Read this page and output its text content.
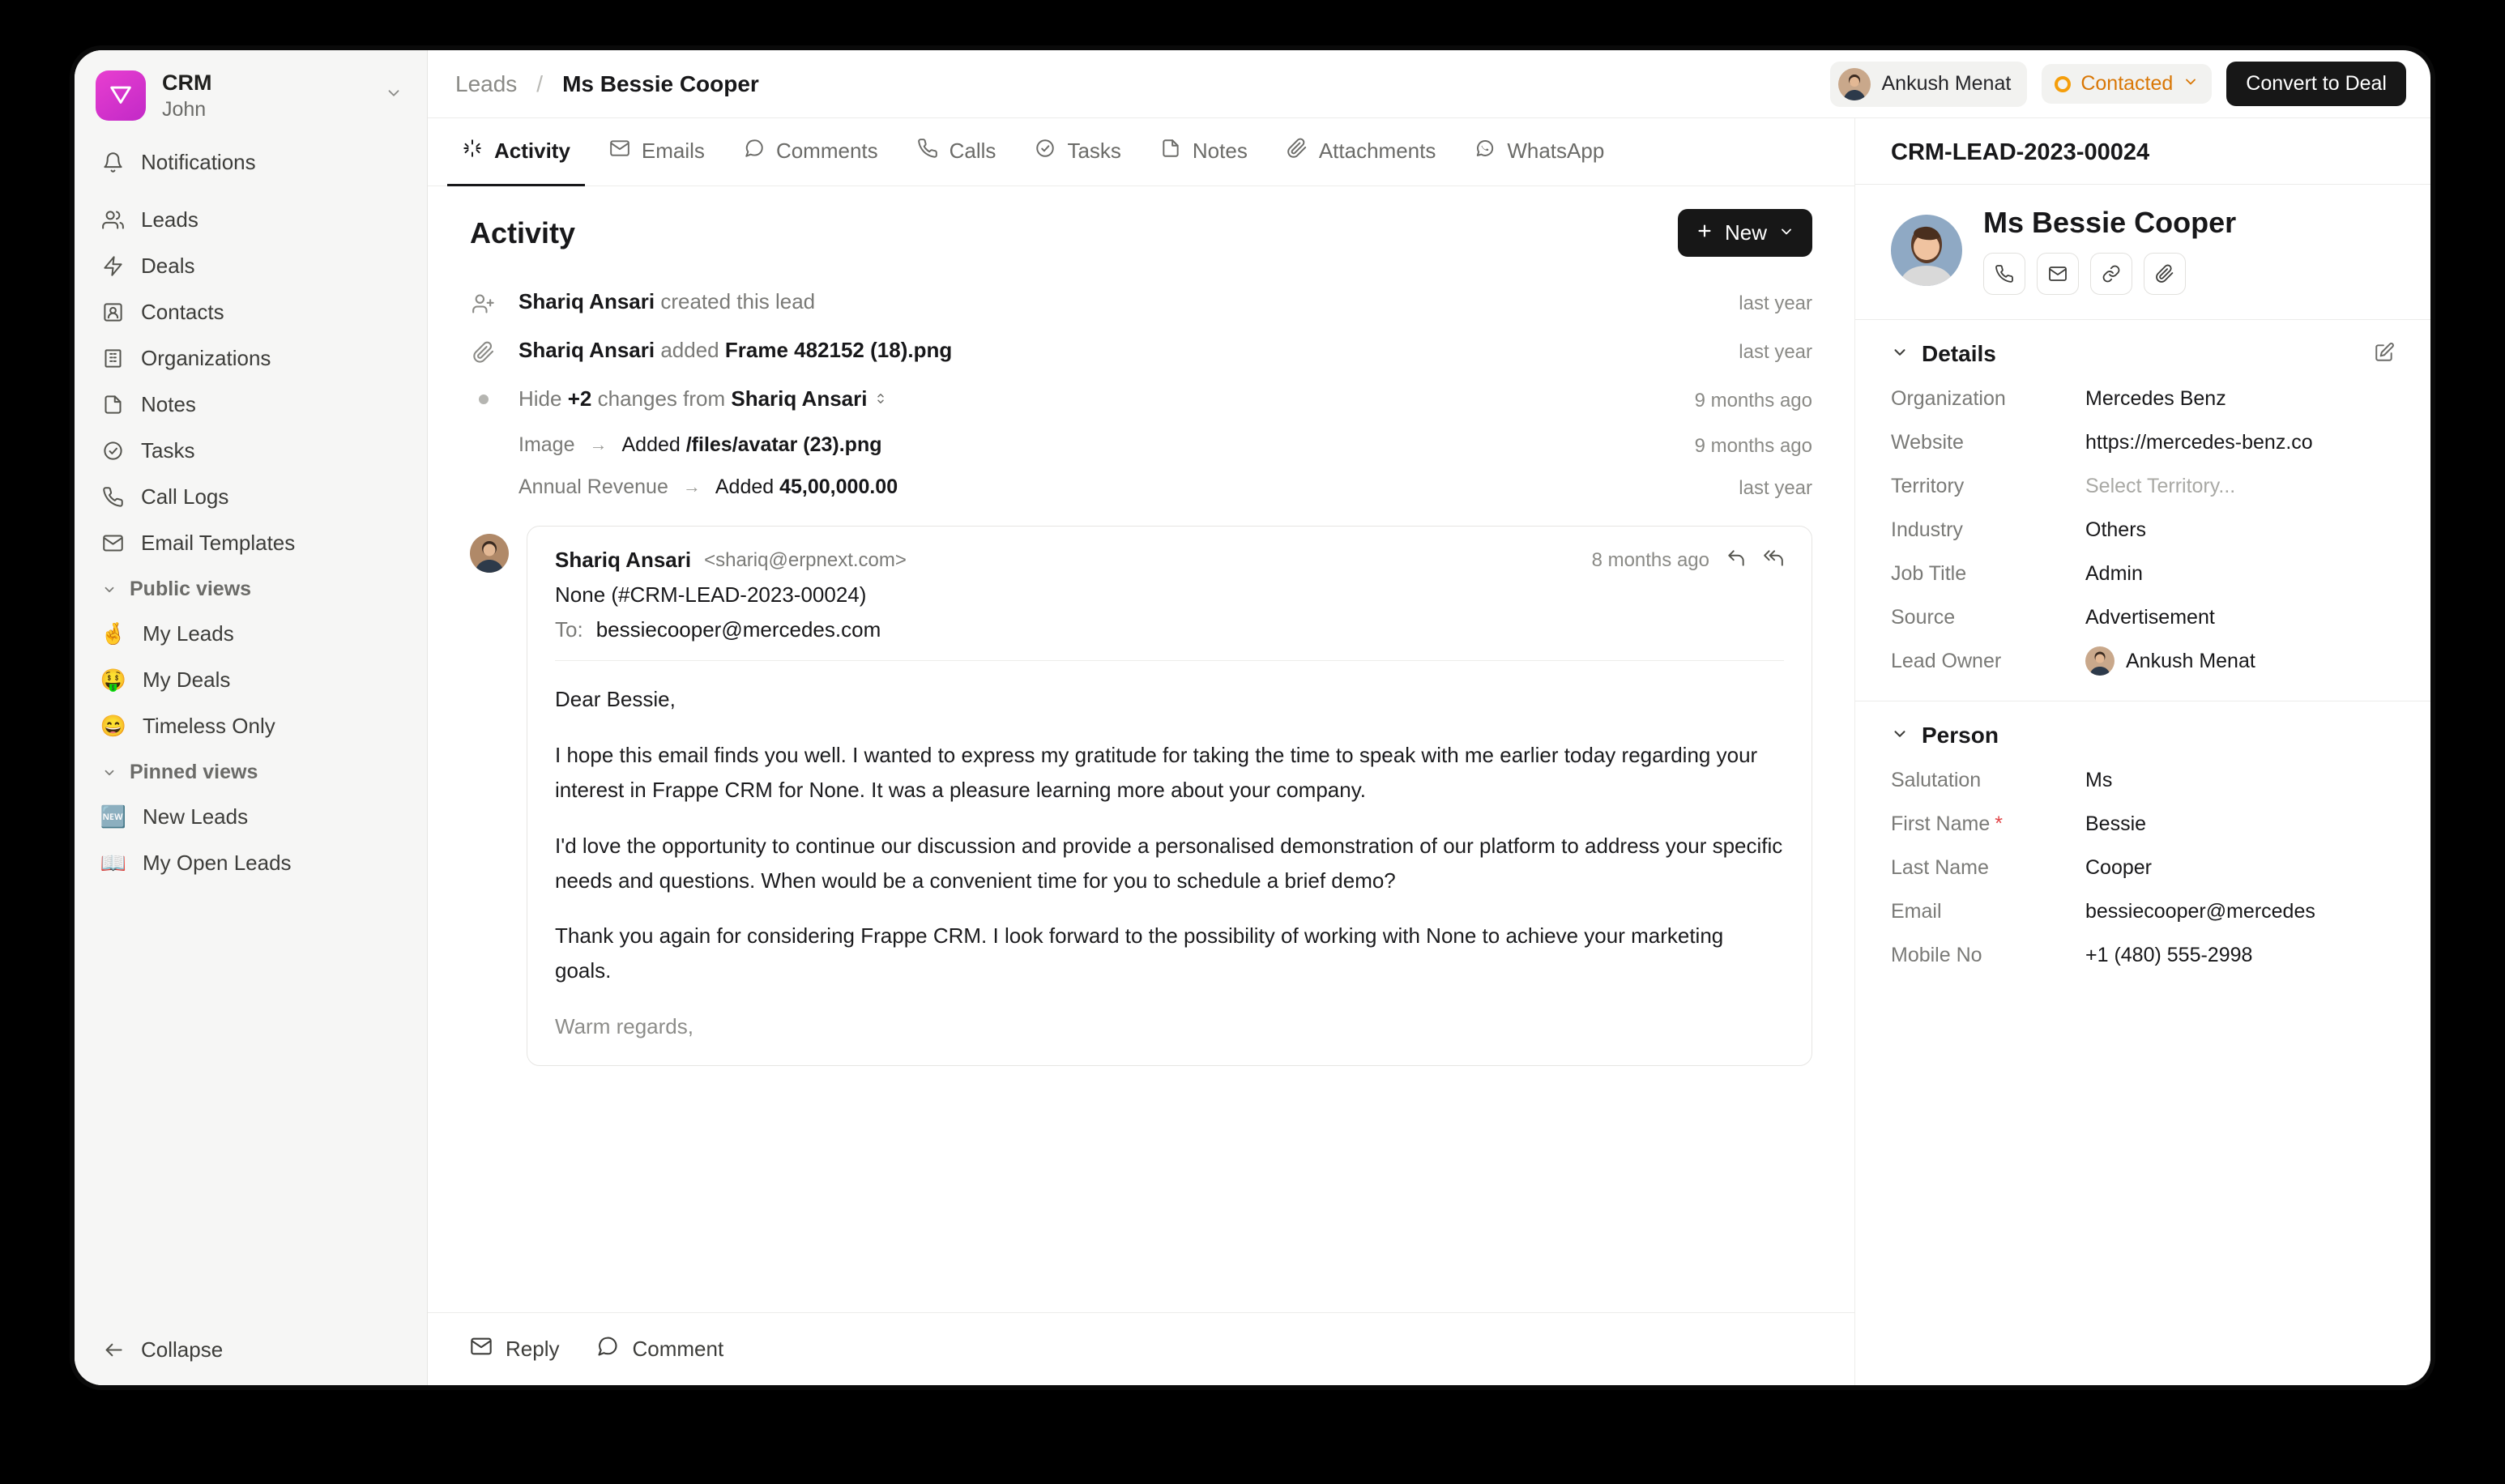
CRM
John
Notifications
Leads
Deals
Contacts
Organizations
Notes
Tasks
Call Logs
Email Templates
Public views
🤞 My Leads
🤑 My Deals
😄 Timeless Only
Pinned views
🆕 New Leads
📖 My Open Leads
Collapse
Leads / Ms Bessie Cooper	Ankush Menat	Contacted	Convert to Deal
Activity	Emails	Comments	Calls	Tasks	Notes	Attachments	WhatsApp
Activity	New
Shariq Ansari created this lead	last year
Shariq Ansari added Frame 482152 (18).png	last year
Hide +2 changes from Shariq Ansari	9 months ago
Image → Added /files/avatar (23).png	9 months ago
Annual Revenue → Added 45,00,000.00	last year
Shariq Ansari <shariq@erpnext.com>	8 months ago
None (#CRM-LEAD-2023-00024)
To: bessiecooper@mercedes.com

Dear Bessie,

I hope this email finds you well. I wanted to express my gratitude for taking the time to speak with me earlier today regarding your interest in Frappe CRM for None. It was a pleasure learning more about your company.

I'd love the opportunity to continue our discussion and provide a personalised demonstration of our platform to address your specific needs and questions. When would be a convenient time for you to schedule a brief demo?

Thank you again for considering Frappe CRM. I look forward to the possibility of working with None to achieve your marketing goals.

Warm regards,

Reply	Comment
CRM-LEAD-2023-00024
Ms Bessie Cooper
Details
Organization	Mercedes Benz
Website	https://mercedes-benz.co
Territory	Select Territory...
Industry	Others
Job Title	Admin
Source	Advertisement
Lead Owner	Ankush Menat
Person
Salutation	Ms
First Name *	Bessie
Last Name	Cooper
Email	bessiecooper@mercedes
Mobile No	+1 (480) 555-2998
